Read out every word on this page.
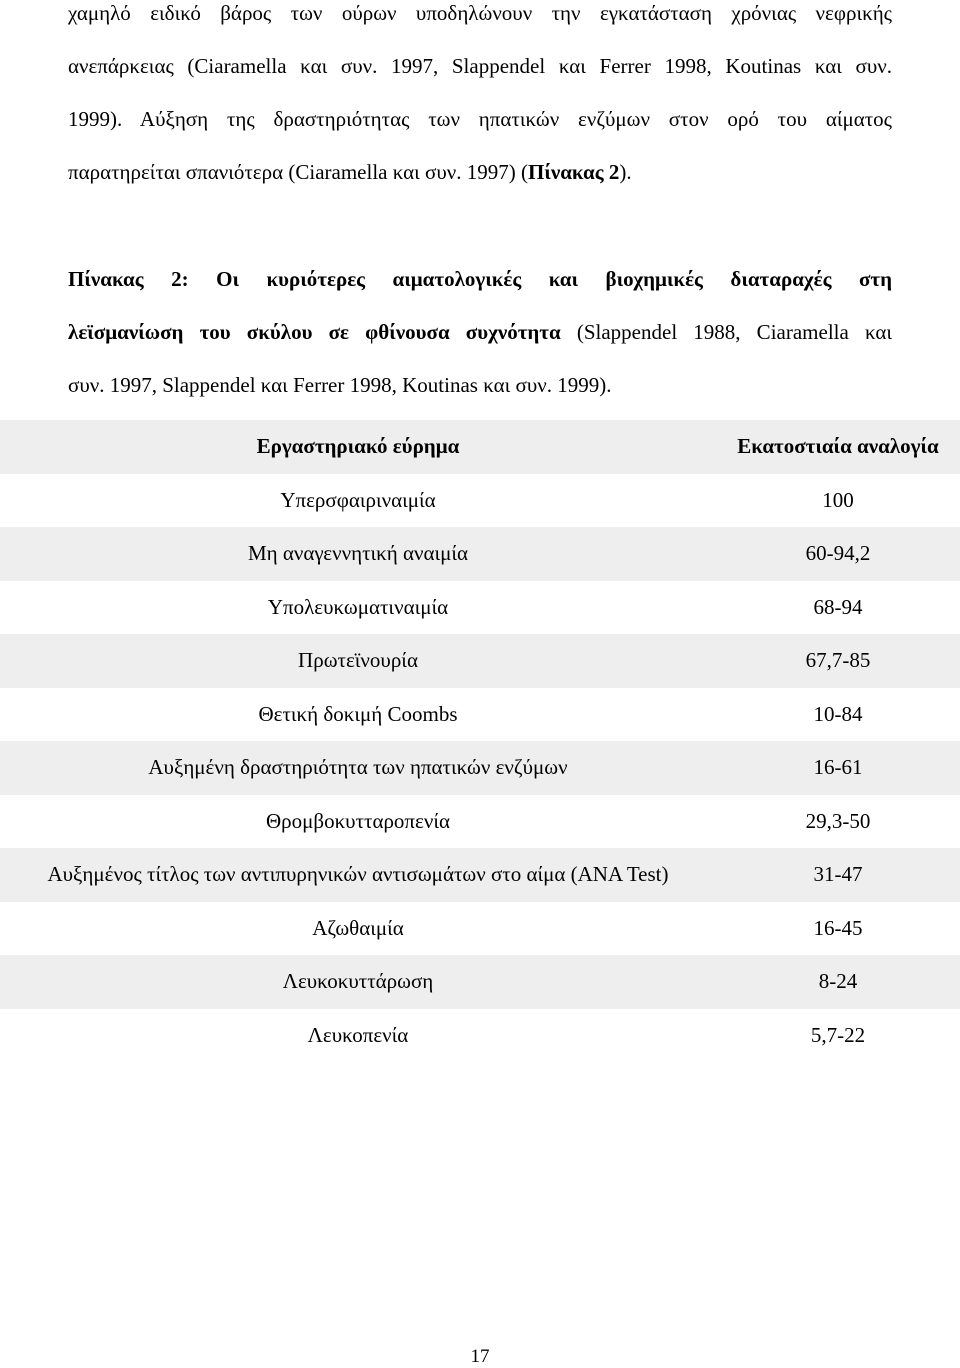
χαμηλό ειδικό βάρος των ούρων υποδηλώνουν την εγκατάσταση χρόνιας νεφρικής
ανεπάρκειας (Ciaramella και συν. 1997, Slappendel και Ferrer 1998, Koutinas και συν.
1999). Αύξηση της δραστηριότητας των ηπατικών ενζύμων στον ορό του αίματος
παρατηρείται σπανιότερα (Ciaramella και συν. 1997) (Πίνακας 2).
Πίνακας 2: Οι κυριότερες αιματολογικές και βιοχημικές διαταραχές στη
λεϊσμανίωση του σκύλου σε φθίνουσα συχνότητα (Slappendel 1988, Ciaramella και
συν. 1997, Slappendel και Ferrer 1998, Koutinas και συν. 1999).
Εργαστηριακό εύρημα	Εκατοστιαία αναλογία
Υπερσφαιριναιμία	100
Μη αναγεννητική αναιμία	60-94,2
Υπολευκωματιναιμία	68-94
Πρωτεϊνουρία	67,7-85
Θετική δοκιμή Coombs	10-84
Αυξημένη δραστηριότητα των ηπατικών ενζύμων	16-61
Θρομβοκυτταροπενία	29,3-50
Αυξημένος τίτλος των αντιπυρηνικών αντισωμάτων στο αίμα (ANA Test)	31-47
Αζωθαιμία	16-45
Λευκοκυττάρωση	8-24
Λευκοπενία	5,7-22
17
